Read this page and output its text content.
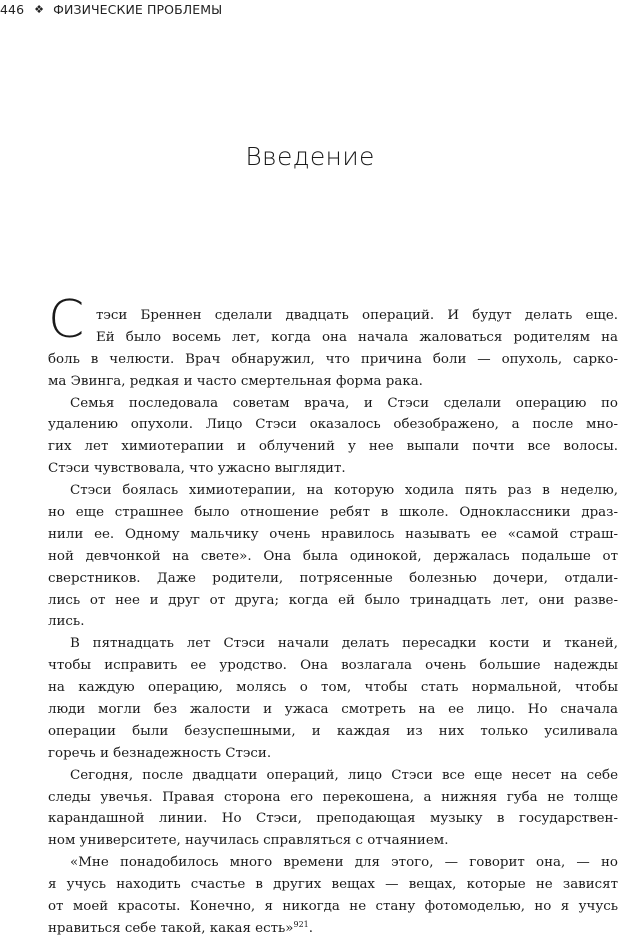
446 ❖ ФИЗИЧЕСКИЕ ПРОБЛЕМЫ
Введение
С тэси Бреннен сделали двадцать операций. И будут делать еще.
Ей было восемь лет, когда она начала жаловаться родителям на
боль в челюсти. Врач обнаружил, что причина боли — опухоль, сарко-
ма Эвинга, редкая и часто смертельная форма рака.
Семья последовала советам врача, и Стэси сделали операцию по
удалению опухоли. Лицо Стэси оказалось обезображено, а после мно-
гих лет химиотерапии и облучений у нее выпали почти все волосы.
Стэси чувствовала, что ужасно выглядит.
Стэси боялась химиотерапии, на которую ходила пять раз в неделю,
но еще страшнее было отношение ребят в школе. Одноклассники драз-
нили ее. Одному мальчику очень нравилось называть ее «самой страш-
ной девчонкой на свете». Она была одинокой, держалась подальше от
сверстников. Даже родители, потрясенные болезнью дочери, отдали-
лись от нее и друг от друга; когда ей было тринадцать лет, они развe-
лись.
В пятнадцать лет Стэси начали делать пересадки кости и тканей,
чтобы исправить ее уродство. Она возлагала очень большие надежды
на каждую операцию, молясь о том, чтобы стать нормальной, чтобы
люди могли без жалости и ужаса смотреть на ее лицо. Но сначала
операции были безуспешными, и каждая из них только усиливала
горечь и безнадежность Стэси.
Сегодня, после двадцати операций, лицо Стэси все еще несет на себе
следы увечья. Правая сторона его перекошена, а нижняя губа не толще
карандашной линии. Но Стэси, преподающая музыку в государствен-
ном университете, научилась справляться с отчаянием.
«Мне понадобилось много времени для этого, — говорит она, — но
я учусь находить счастье в других вещах — вещах, которые не зависят
от моей красоты. Конечно, я никогда не стану фотомоделью, но я учусь
нравиться себе такой, какая есть»$^{921}$.
